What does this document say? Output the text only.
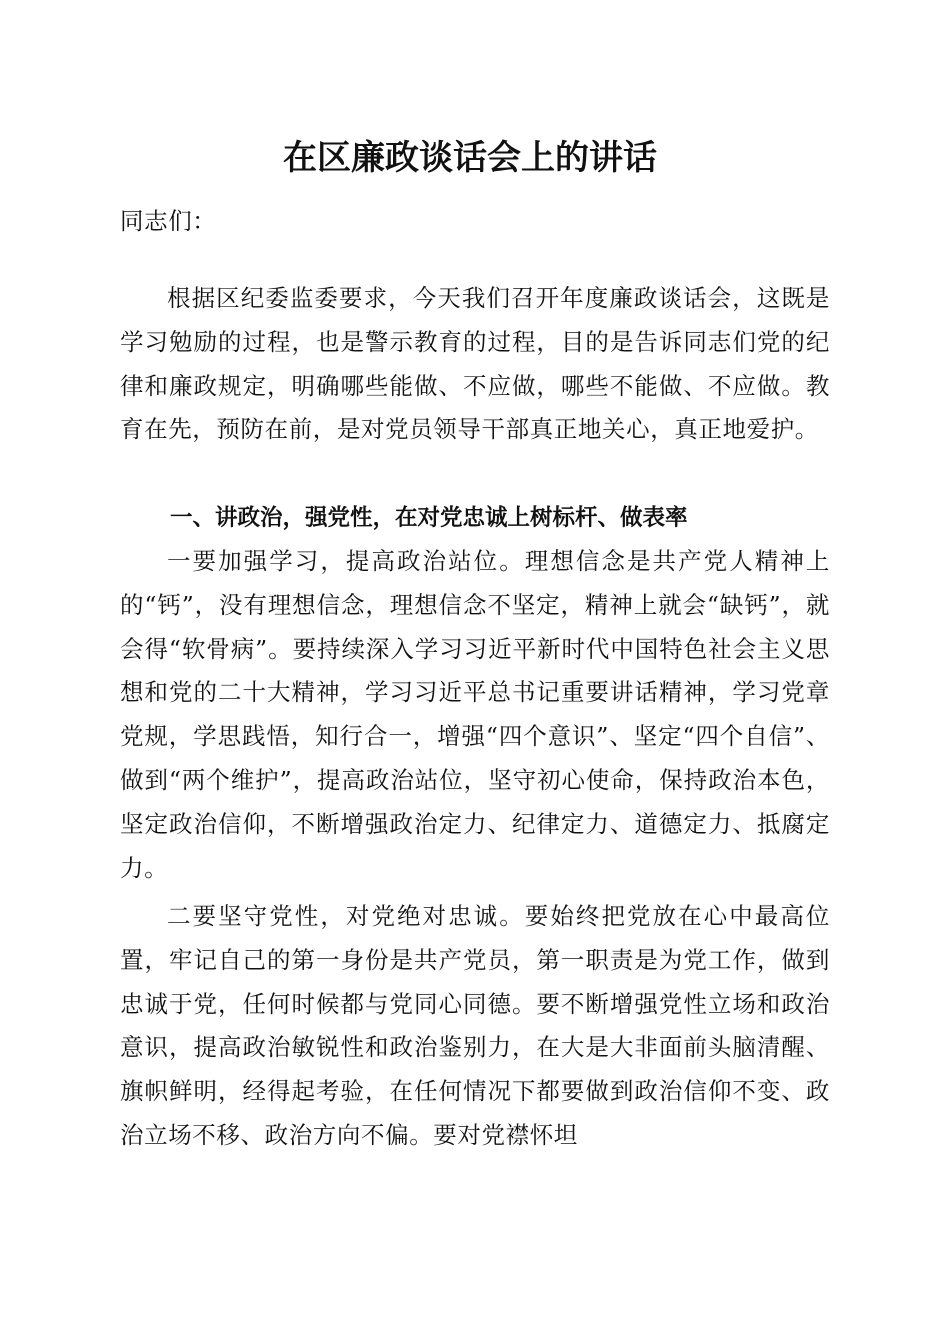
在区廉政谈话会上的讲话

同志们：

根据区纪委监委要求，今天我们召开年度廉政谈话会，这既是学习勉励的过程，也是警示教育的过程，目的是告诉同志们党的纪律和廉政规定，明确哪些能做、不应做，哪些不能做、不应做。教育在先，预防在前，是对党员领导干部真正地关心，真正地爱护。

一、讲政治，强党性，在对党忠诚上树标杆、做表率

一要加强学习，提高政治站位。理想信念是共产党人精神上的“钙”，没有理想信念，理想信念不坚定，精神上就会“缺钙”，就会得“软骨病”。要持续深入学习习近平新时代中国特色社会主义思想和党的二十大精神，学习习近平总书记重要讲话精神，学习党章党规，学思践悟，知行合一，增强“四个意识”、坚定“四个自信”、做到“两个维护”，提高政治站位，坚守初心使命，保持政治本色，坚定政治信仰，不断增强政治定力、纪律定力、道德定力、抵腐定力。

二要坚守党性，对党绝对忠诚。要始终把党放在心中最高位置，牢记自己的第一身份是共产党员，第一职责是为党工作，做到忠诚于党，任何时候都与党同心同德。要不断增强党性立场和政治意识，提高政治敏锐性和政治鉴别力，在大是大非面前头脑清醒、旗帜鲜明，经得起考验，在任何情况下都要做到政治信仰不变、政治立场不移、政治方向不偏。要对党襟怀坦
